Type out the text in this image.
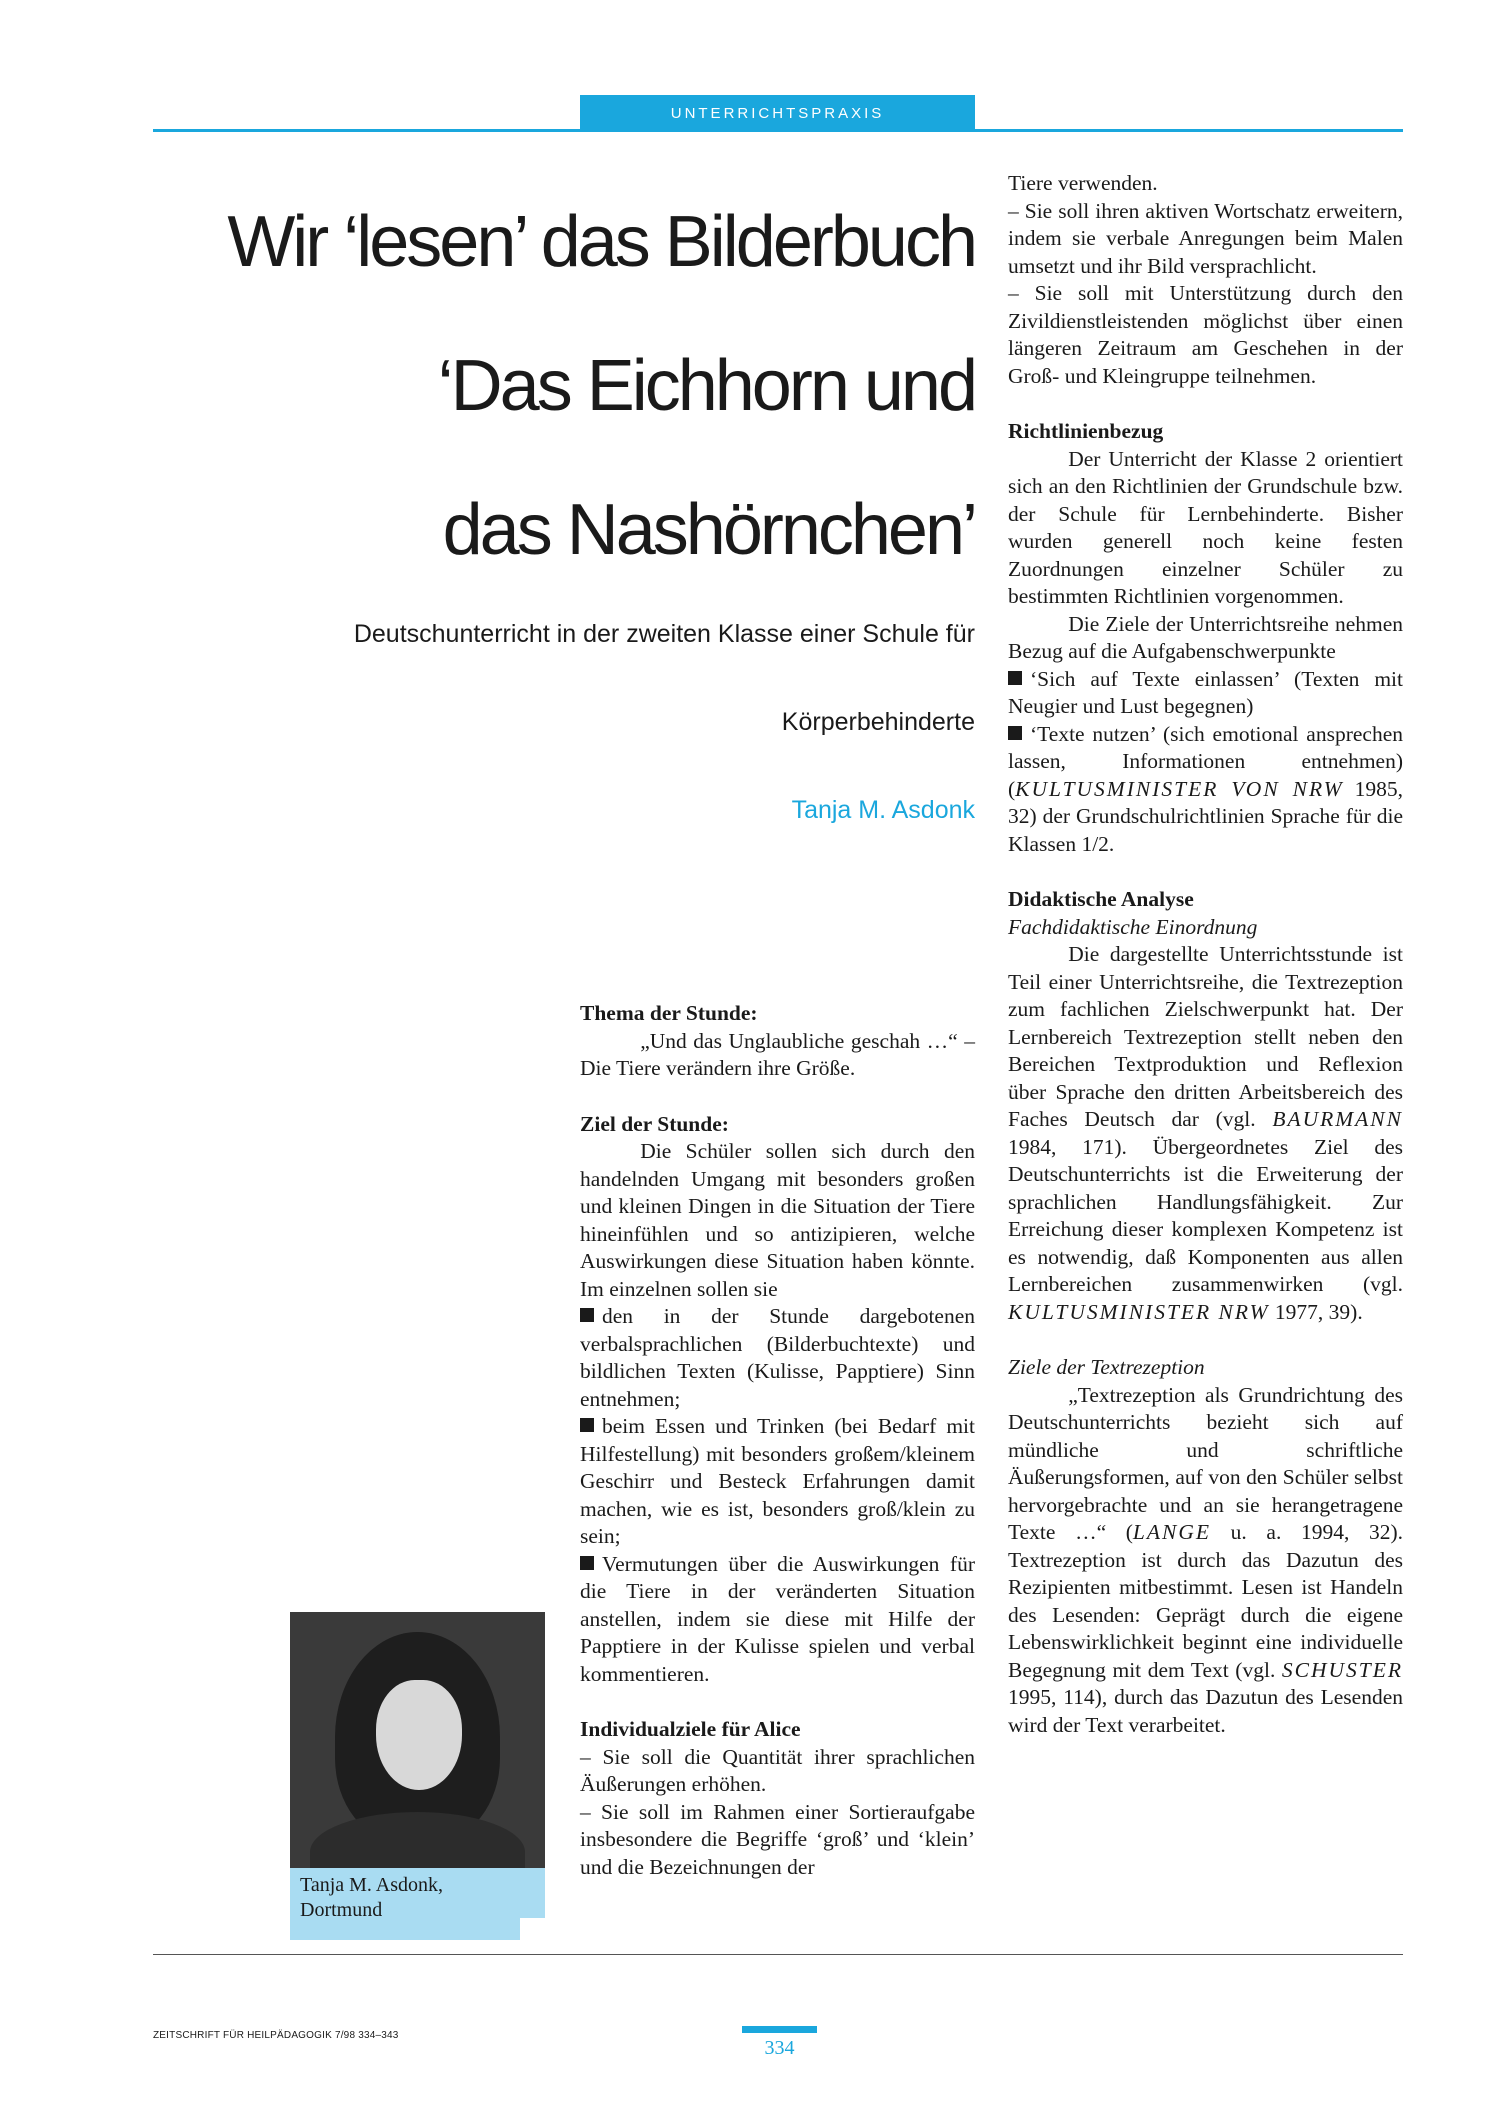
UNTERRICHTSPRAXIS
Wir ‘lesen’ das Bilderbuch
‘Das Eichhorn und
das Nashörnchen’
Deutschunterricht in der zweiten Klasse einer Schule für
Körperbehinderte
Tanja M. Asdonk
Tanja M. Asdonk,
Dortmund

Thema der Stunde:

„Und das Unglaubliche geschah …“ – Die Tiere verändern ihre Größe.

Ziel der Stunde:

Die Schüler sollen sich durch den handelnden Umgang mit besonders großen und kleinen Dingen in die Situation der Tiere hineinfühlen und so antizipieren, welche Auswirkungen diese Situation haben könnte. Im einzelnen sollen sie

den in der Stunde dargebotenen verbalsprachlichen (Bilderbuchtexte) und bildlichen Texten (Kulisse, Papptiere) Sinn entnehmen;

beim Essen und Trinken (bei Bedarf mit Hilfestellung) mit besonders großem/kleinem Geschirr und Besteck Erfahrungen damit machen, wie es ist, besonders groß/klein zu sein;

Vermutungen über die Auswirkungen für die Tiere in der veränderten Situation anstellen, indem sie diese mit Hilfe der Papptiere in der Kulisse spielen und verbal kommentieren.

Individualziele für Alice

– Sie soll die Quantität ihrer sprachlichen Äußerungen erhöhen.

– Sie soll im Rahmen einer Sortieraufgabe insbesondere die Begriffe ‘groß’ und ‘klein’ und die Bezeichnungen der

Tiere verwenden.

– Sie soll ihren aktiven Wortschatz erweitern, indem sie verbale Anregungen beim Malen umsetzt und ihr Bild versprachlicht.

– Sie soll mit Unterstützung durch den Zivildienstleistenden möglichst über einen längeren Zeitraum am Geschehen in der Groß- und Kleingruppe teilnehmen.

Richtlinienbezug

Der Unterricht der Klasse 2 orientiert sich an den Richtlinien der Grundschule bzw. der Schule für Lernbehinderte. Bisher wurden generell noch keine festen Zuordnungen einzelner Schüler zu bestimmten Richtlinien vorgenommen.

Die Ziele der Unterrichtsreihe nehmen Bezug auf die Aufgabenschwerpunkte

‘Sich auf Texte einlassen’ (Texten mit Neugier und Lust begegnen)

‘Texte nutzen’ (sich emotional ansprechen lassen, Informationen entnehmen) (KULTUSMINISTER VON NRW 1985, 32) der Grundschulrichtlinien Sprache für die Klassen 1/2.

Didaktische Analyse

Fachdidaktische Einordnung

Die dargestellte Unterrichtsstunde ist Teil einer Unterrichtsreihe, die Textrezeption zum fachlichen Zielschwerpunkt hat. Der Lernbereich Textrezeption stellt neben den Bereichen Textproduktion und Reflexion über Sprache den dritten Arbeitsbereich des Faches Deutsch dar (vgl. BAURMANN 1984, 171). Übergeordnetes Ziel des Deutschunterrichts ist die Erweiterung der sprachlichen Handlungsfähigkeit. Zur Erreichung dieser komplexen Kompetenz ist es notwendig, daß Komponenten aus allen Lernbereichen zusammenwirken (vgl. KULTUSMINISTER NRW 1977, 39).

Ziele der Textrezeption

„Textrezeption als Grundrichtung des Deutschunterrichts bezieht sich auf mündliche und schriftliche Äußerungsformen, auf von den Schüler selbst hervorgebrachte und an sie herangetragene Texte …“ (LANGE u. a. 1994, 32). Textrezeption ist durch das Dazutun des Rezipienten mitbestimmt. Lesen ist Handeln des Lesenden: Geprägt durch die eigene Lebenswirklichkeit beginnt eine individuelle Begegnung mit dem Text (vgl. SCHUSTER 1995, 114), durch das Dazutun des Lesenden wird der Text verarbeitet.

ZEITSCHRIFT FÜR HEILPÄDAGOGIK 7/98 334–343
334
